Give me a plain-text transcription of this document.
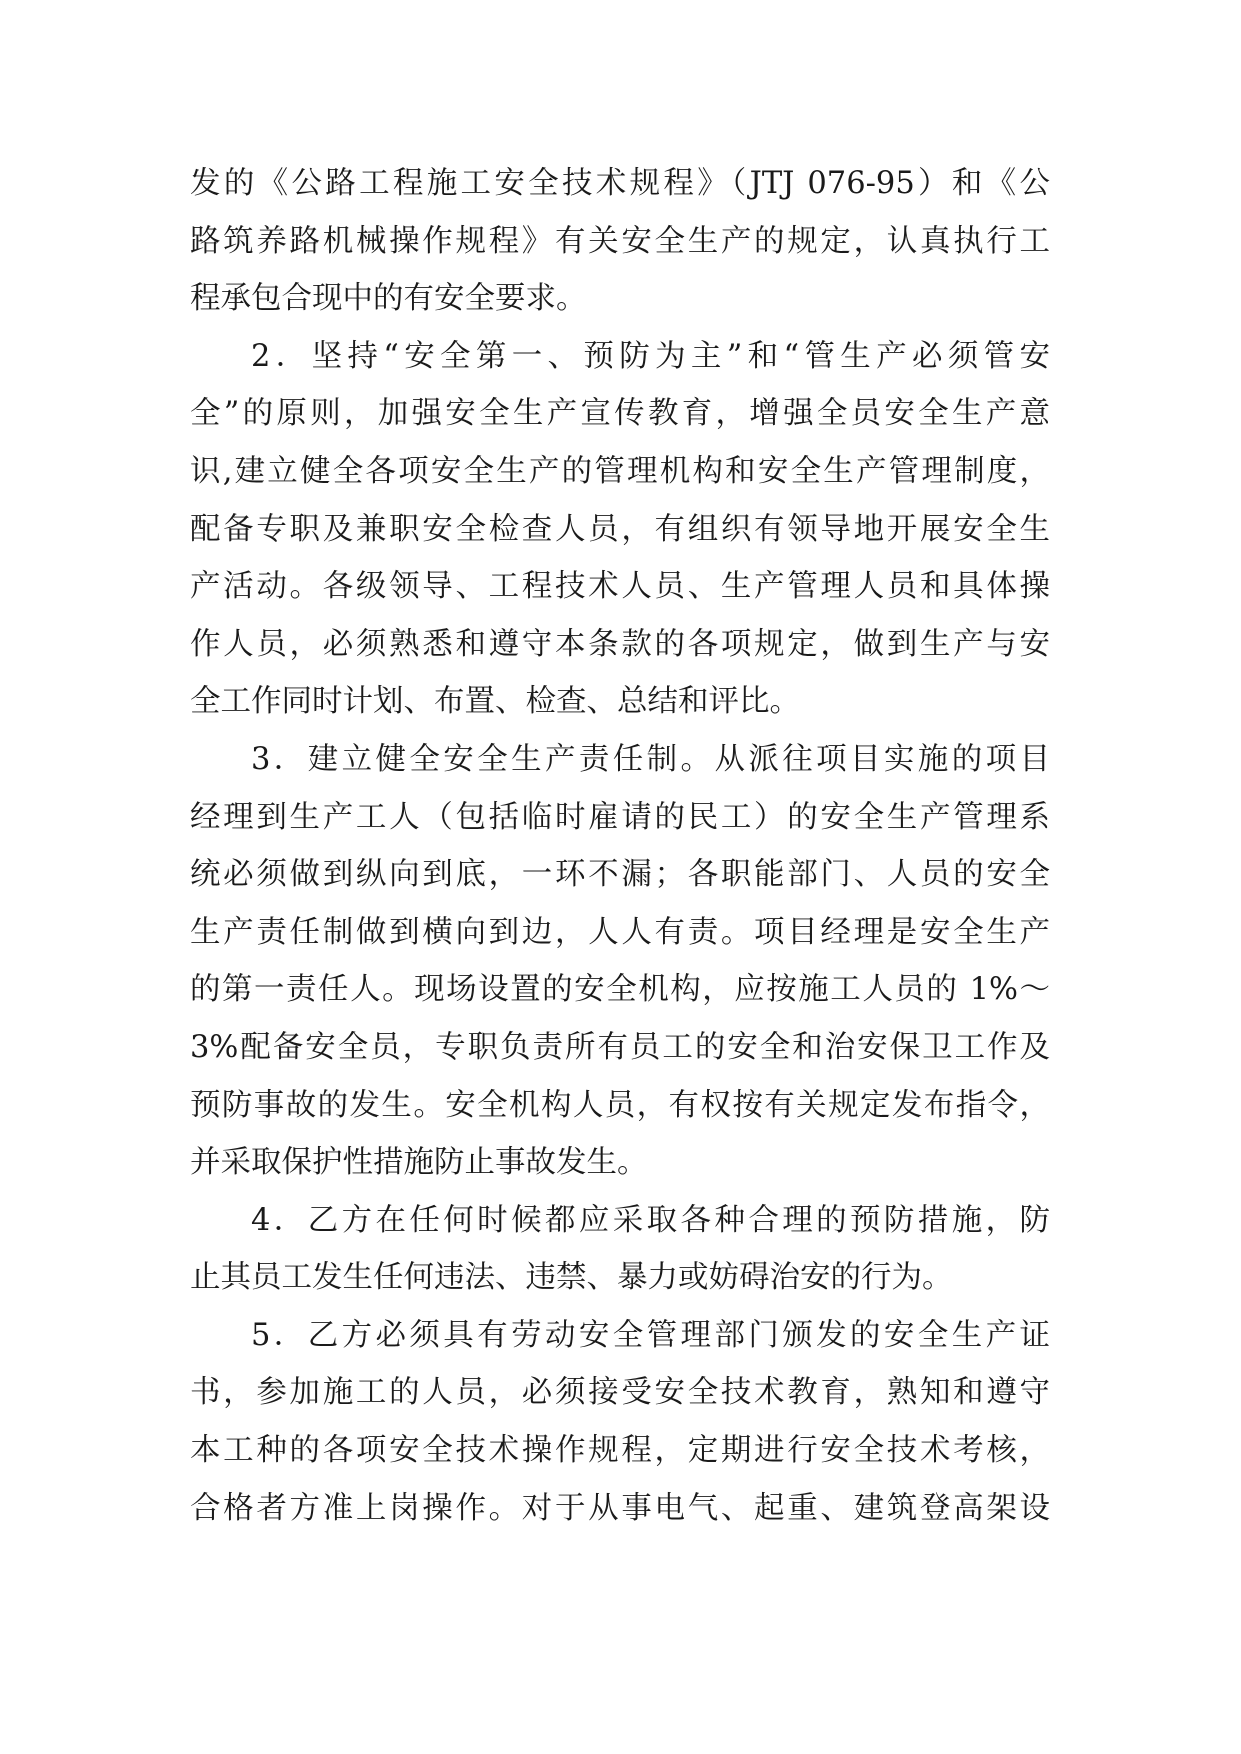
发的《公路工程施工安全技术规程》（JTJ 076-95）和《公
路筑养路机械操作规程》有关安全生产的规定，认真执行工
程承包合现中的有安全要求。
2．坚持“安全第一、预防为主”和“管生产必须管安
全”的原则，加强安全生产宣传教育，增强全员安全生产意
识,建立健全各项安全生产的管理机构和安全生产管理制度，
配备专职及兼职安全检查人员，有组织有领导地开展安全生
产活动。各级领导、工程技术人员、生产管理人员和具体操
作人员，必须熟悉和遵守本条款的各项规定，做到生产与安
全工作同时计划、布置、检查、总结和评比。
3．建立健全安全生产责任制。从派往项目实施的项目
经理到生产工人（包括临时雇请的民工）的安全生产管理系
统必须做到纵向到底，一环不漏；各职能部门、人员的安全
生产责任制做到横向到边，人人有责。项目经理是安全生产
的第一责任人。现场设置的安全机构，应按施工人员的 1%～
3%配备安全员，专职负责所有员工的安全和治安保卫工作及
预防事故的发生。安全机构人员，有权按有关规定发布指令，
并采取保护性措施防止事故发生。
4．乙方在任何时候都应采取各种合理的预防措施，防
止其员工发生任何违法、违禁、暴力或妨碍治安的行为。
5．乙方必须具有劳动安全管理部门颁发的安全生产证
书，参加施工的人员，必须接受安全技术教育，熟知和遵守
本工种的各项安全技术操作规程，定期进行安全技术考核，
合格者方准上岗操作。对于从事电气、起重、建筑登高架设
